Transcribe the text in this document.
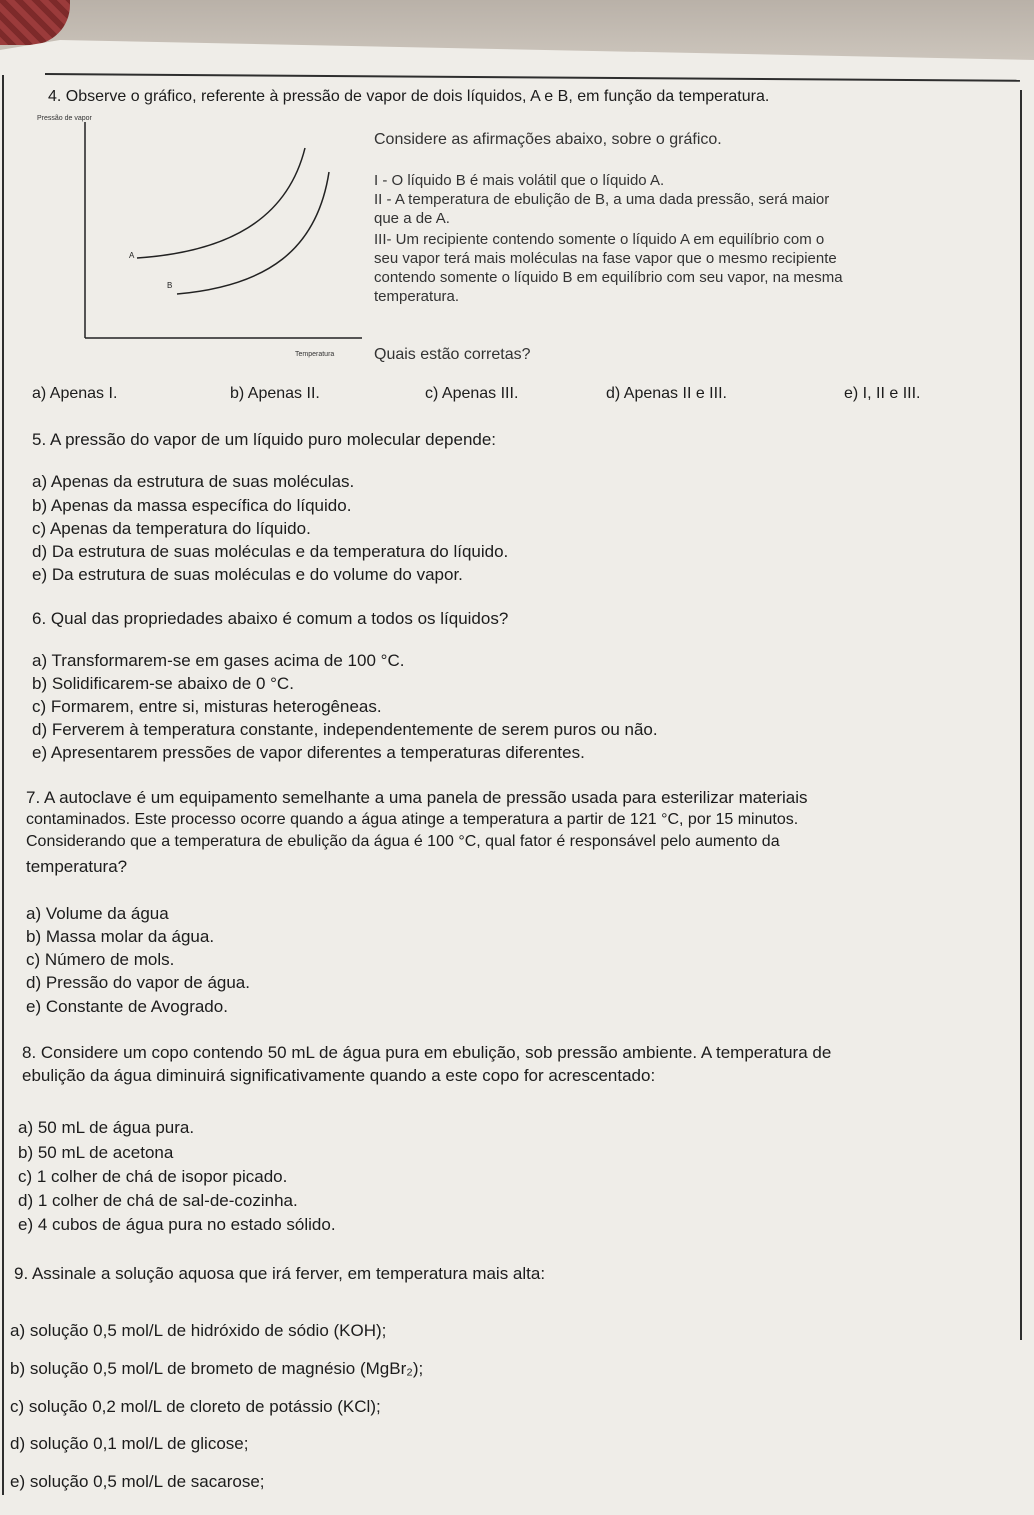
4. Observe o gráfico, referente à pressão de vapor de dois líquidos, A e B, em função da temperatura.
Pressão de vapor
Temperatura
A
B
Considere as afirmações abaixo, sobre o gráfico.
I - O líquido B é mais volátil que o líquido A.
II - A temperatura de ebulição de B, a uma dada pressão, será maior
que a de A.
III- Um recipiente contendo somente o líquido A em equilíbrio com o
seu vapor terá mais moléculas na fase vapor que o mesmo recipiente
contendo somente o líquido B em equilíbrio com seu vapor, na mesma
temperatura.
Quais estão corretas?
a) Apenas I.	b) Apenas II.	c) Apenas III.	d) Apenas II e III.	e) I, II e III.
5. A pressão do vapor de um líquido puro molecular depende:
a) Apenas da estrutura de suas moléculas.
b) Apenas da massa específica do líquido.
c) Apenas da temperatura do líquido.
d) Da estrutura de suas moléculas e da temperatura do líquido.
e) Da estrutura de suas moléculas e do volume do vapor.
6. Qual das propriedades abaixo é comum a todos os líquidos?
a) Transformarem-se em gases acima de 100 °C.
b) Solidificarem-se abaixo de 0 °C.
c) Formarem, entre si, misturas heterogêneas.
d) Ferverem à temperatura constante, independentemente de serem puros ou não.
e) Apresentarem pressões de vapor diferentes a temperaturas diferentes.
7. A autoclave é um equipamento semelhante a uma panela de pressão usada para esterilizar materiais
contaminados. Este processo ocorre quando a água atinge a temperatura a partir de 121 °C, por 15 minutos.
Considerando que a temperatura de ebulição da água é 100 °C, qual fator é responsável pelo aumento da
temperatura?
a) Volume da água
b) Massa molar da água.
c) Número de mols.
d) Pressão do vapor de água.
e) Constante de Avogrado.
8. Considere um copo contendo 50 mL de água pura em ebulição, sob pressão ambiente. A temperatura de
ebulição da água diminuirá significativamente quando a este copo for acrescentado:
a) 50 mL de água pura.
b) 50 mL de acetona
c) 1 colher de chá de isopor picado.
d) 1 colher de chá de sal-de-cozinha.
e) 4 cubos de água pura no estado sólido.
9. Assinale a solução aquosa que irá ferver, em temperatura mais alta:
a) solução 0,5 mol/L de hidróxido de sódio (KOH);
b) solução 0,5 mol/L de brometo de magnésio (MgBr₂);
c) solução 0,2 mol/L de cloreto de potássio (KCl);
d) solução 0,1 mol/L de glicose;
e) solução 0,5 mol/L de sacarose;
